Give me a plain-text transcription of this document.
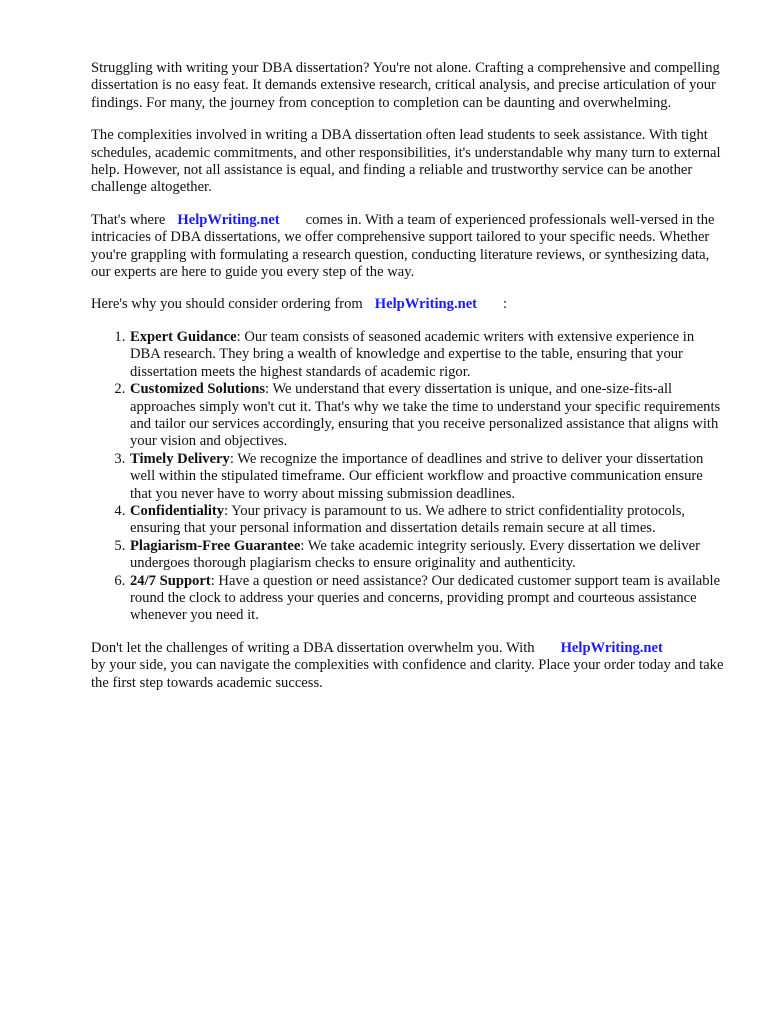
Struggling with writing your DBA dissertation? You're not alone. Crafting a comprehensive and compelling dissertation is no easy feat. It demands extensive research, critical analysis, and precise articulation of your findings. For many, the journey from conception to completion can be daunting and overwhelming.

The complexities involved in writing a DBA dissertation often lead students to seek assistance. With tight schedules, academic commitments, and other responsibilities, it's understandable why many turn to external help. However, not all assistance is equal, and finding a reliable and trustworthy service can be another challenge altogether.

That's where HelpWriting.net comes in. With a team of experienced professionals well-versed in the intricacies of DBA dissertations, we offer comprehensive support tailored to your specific needs. Whether you're grappling with formulating a research question, conducting literature reviews, or synthesizing data, our experts are here to guide you every step of the way.

Here's why you should consider ordering from HelpWriting.net :

1. Expert Guidance: Our team consists of seasoned academic writers with extensive experience in DBA research. They bring a wealth of knowledge and expertise to the table, ensuring that your dissertation meets the highest standards of academic rigor.
2. Customized Solutions: We understand that every dissertation is unique, and one-size-fits-all approaches simply won't cut it. That's why we take the time to understand your specific requirements and tailor our services accordingly, ensuring that you receive personalized assistance that aligns with your vision and objectives.
3. Timely Delivery: We recognize the importance of deadlines and strive to deliver your dissertation well within the stipulated timeframe. Our efficient workflow and proactive communication ensure that you never have to worry about missing submission deadlines.
4. Confidentiality: Your privacy is paramount to us. We adhere to strict confidentiality protocols, ensuring that your personal information and dissertation details remain secure at all times.
5. Plagiarism-Free Guarantee: We take academic integrity seriously. Every dissertation we deliver undergoes thorough plagiarism checks to ensure originality and authenticity.
6. 24/7 Support: Have a question or need assistance? Our dedicated customer support team is available round the clock to address your queries and concerns, providing prompt and courteous assistance whenever you need it.

Don't let the challenges of writing a DBA dissertation overwhelm you. With HelpWriting.net
by your side, you can navigate the complexities with confidence and clarity. Place your order today and take the first step towards academic success.
